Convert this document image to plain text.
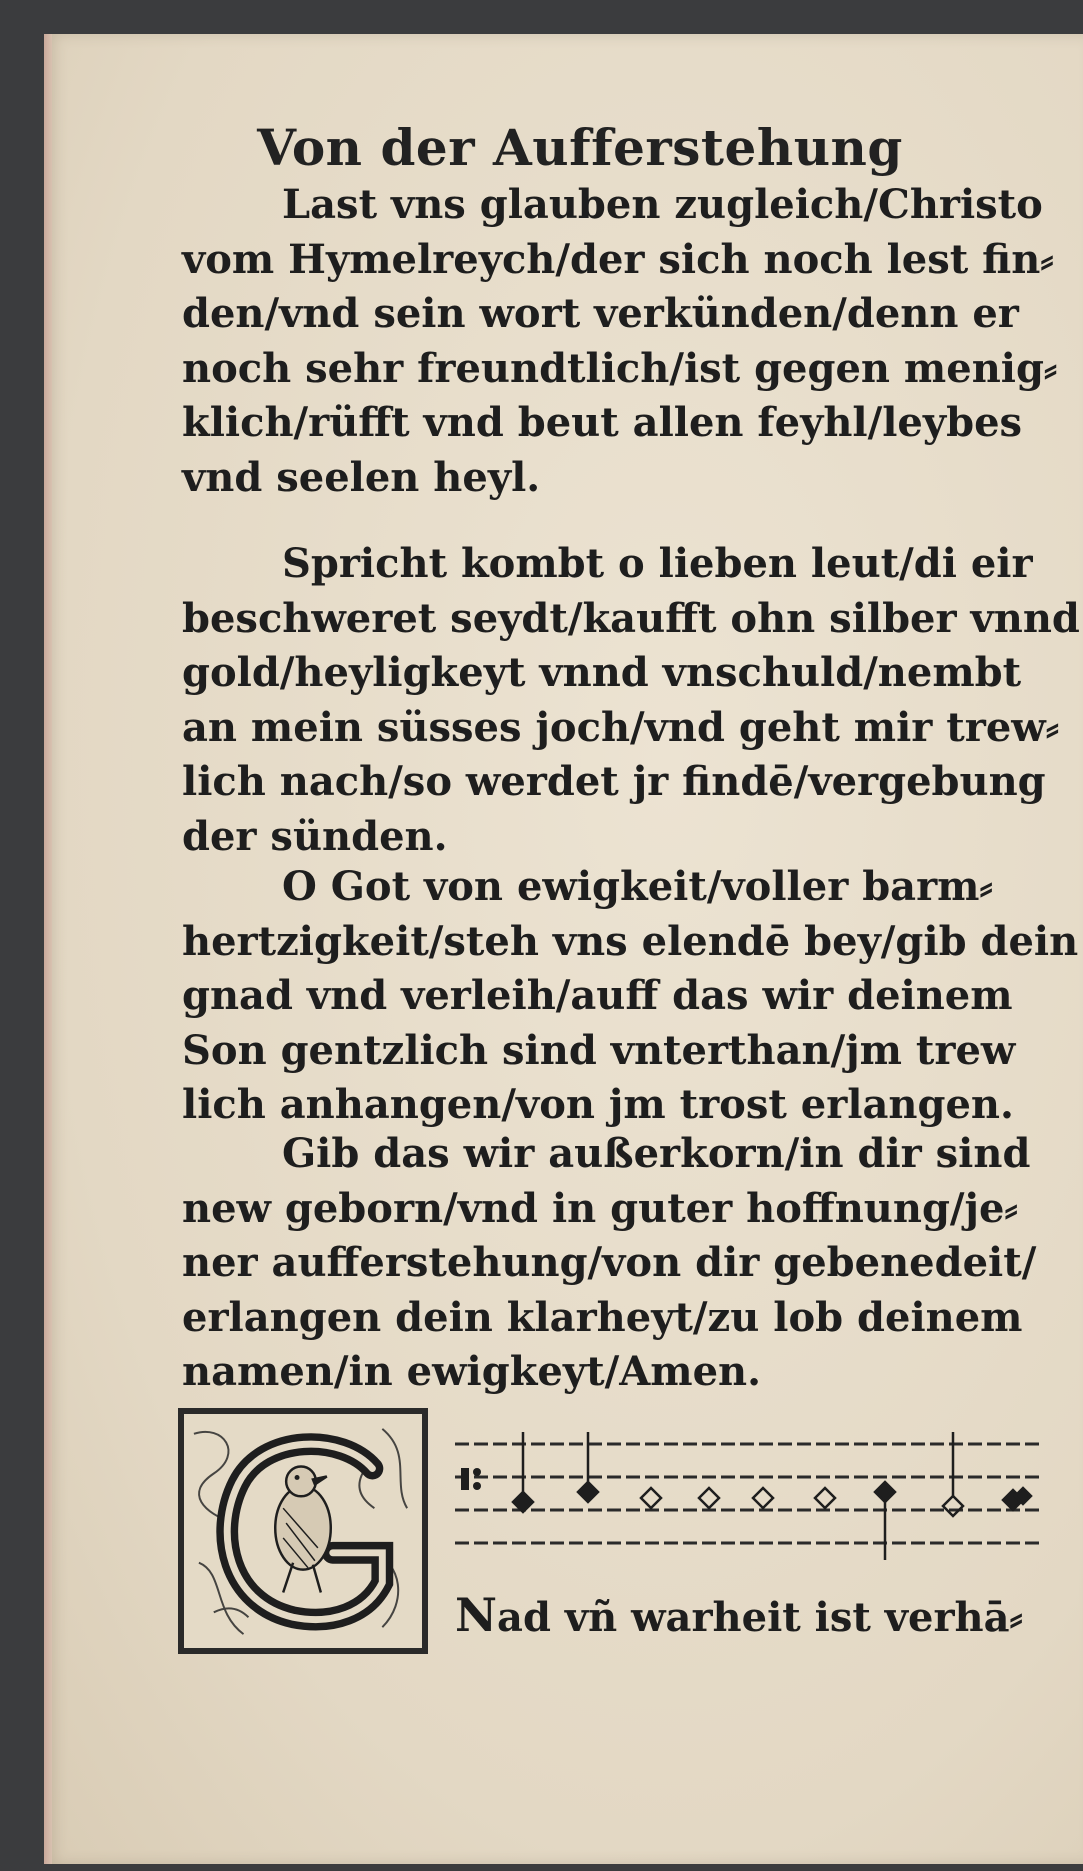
Von der Aufferstehung
Last vns glauben zugleich/Christo
vom Hymelreych/der sich noch lest fin⸗
den/vnd sein wort verkünden/denn er
noch sehr freundtlich/ist gegen menig⸗
klich/rüfft vnd beut allen feyhl/leybes
vnd seelen heyl.
Spricht kombt o lieben leut/di eir
beschweret seydt/kaufft ohn silber vnnd
gold/heyligkeyt vnnd vnschuld/nembt
an mein süsses joch/vnd geht mir trew⸗
lich nach/so werdet jr findē/vergebung
der sünden.
O Got von ewigkeit/voller barm⸗
hertzigkeit/steh vns elendē bey/gib dein
gnad vnd verleih/auff das wir deinem
Son gentzlich sind vnterthan/jm trew
lich anhangen/von jm trost erlangen.
Gib das wir außerkorn/in dir sind
new geborn/vnd in guter hoffnung/je⸗
ner aufferstehung/von dir gebenedeit/
erlangen dein klarheyt/zu lob deinem
namen/in ewigkeyt/Amen.
Nad vñ warheit ist verhā⸗
